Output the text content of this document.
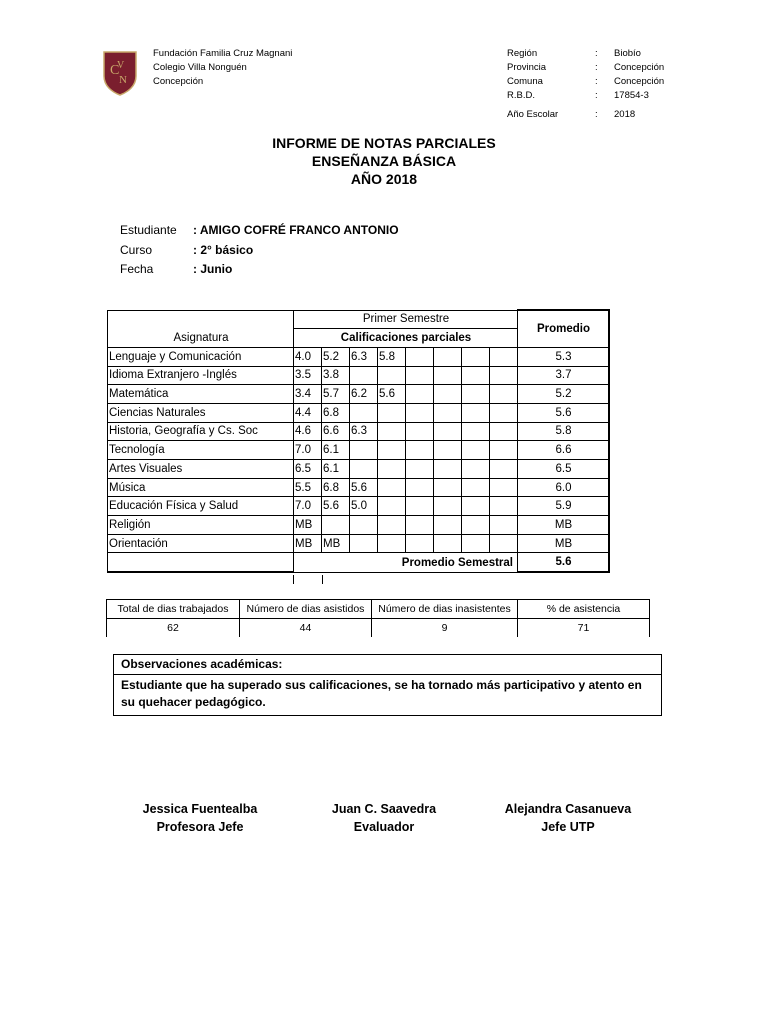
C
V
N
Fundación Familia Cruz Magnani
Colegio Villa Nonguén
Concepción
Región	:	Biobío
Provincia	:	Concepción
Comuna	:	Concepción
R.B.D.	:	17854-3
Año Escolar	:	2018
INFORME DE NOTAS PARCIALES
ENSEÑANZA BÁSICA
AÑO 2018
Estudiante	: AMIGO COFRÉ FRANCO ANTONIO
Curso	: 2° básico
Fecha	: Junio
	Primer Semestre								Promedio
Asignatura	Calificaciones parciales								
Lenguaje y Comunicación	4.0	5.2	6.3	5.8					5.3
Idioma Extranjero -Inglés	3.5	3.8							3.7
Matemática	3.4	5.7	6.2	5.6					5.2
Ciencias Naturales	4.4	6.8							5.6
Historia, Geografía y Cs. Soc	4.6	6.6	6.3						5.8
Tecnología	7.0	6.1							6.6
Artes Visuales	6.5	6.1							6.5
Música	5.5	6.8	5.6						6.0
Educación Física y Salud	7.0	5.6	5.0						5.9
Religión	MB								MB
Orientación	MB	MB							MB
	Promedio Semestral								5.6
Total de dias trabajados	Número de dias asistidos	Número de dias inasistentes	% de asistencia
62	44	9	71
Observaciones académicas:
Estudiante que ha superado sus calificaciones, se ha tornado más participativo y atento en su quehacer pedagógico.
Jessica Fuentealba
Profesora Jefe
Juan C. Saavedra
Evaluador
Alejandra Casanueva
Jefe UTP
